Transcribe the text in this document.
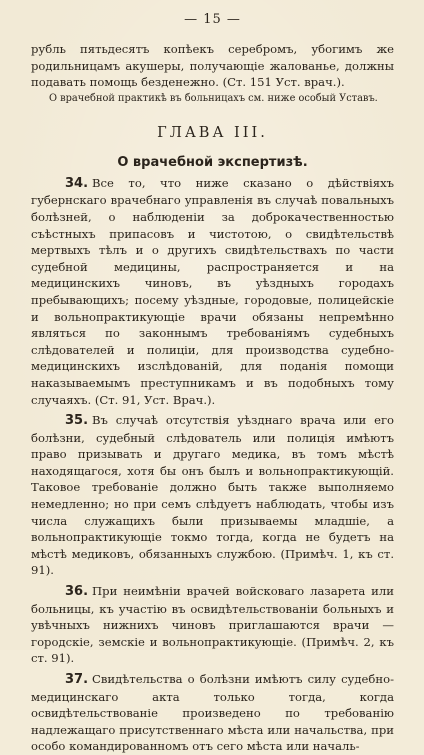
— 15 —

рубль пятьдесятъ копѣекъ серебромъ, убогимъ же родильницамъ акушеры, получающіе жалованье, должны подавать помощь безденежно. (Ст. 151 Уст. врач.).

О врачебной практикѣ въ больницахъ см. ниже особый Уставъ.

ГЛАВА III.
О врачебной экспертизѣ.

34. Все то, что ниже сказано о дѣйствіяхъ губернскаго врачебнаго управленія въ случаѣ повальныхъ болѣзней, о наблюденіи за доброкачественностью съѣстныхъ припасовъ и чистотою, о свидѣтельствѣ мертвыхъ тѣлъ и о другихъ свидѣтельствахъ по части судебной медицины, распространяется и на медицинскихъ чиновъ, въ уѣздныхъ городахъ пребывающихъ; посему уѣздные, городовые, полицейскіе и вольнопрактикующіе врачи обязаны непремѣнно являться по законнымъ требованіямъ судебныхъ слѣдователей и полиціи, для производства судебно-медицинскихъ изслѣдованій, для поданія помощи наказываемымъ преступникамъ и въ подобныхъ тому случаяхъ. (Ст. 91, Уст. Врач.).

35. Въ случаѣ отсутствія уѣзднаго врача или его болѣзни, судебный слѣдователь или полиція имѣютъ право призывать и другаго медика, въ томъ мѣстѣ находящагося, хотя бы онъ былъ и вольнопрактикующій. Таковое требованіе должно быть также выполняемо немедленно; но при семъ слѣдуетъ наблюдать, чтобы изъ числа служащихъ были призываемы младшіе, а вольнопрактикующіе токмо тогда, когда не будетъ на мѣстѣ медиковъ, обязанныхъ службою. (Примѣч. 1, къ ст. 91).

36. При неимѣніи врачей войсковаго лазарета или больницы, къ участію въ освидѣтельствованіи больныхъ и увѣчныхъ нижнихъ чиновъ приглашаются врачи — городскіе, земскіе и вольнопрактикующіе. (Примѣч. 2, къ ст. 91).

37. Свидѣтельства о болѣзни имѣютъ силу судебно-медицинскаго акта только тогда, когда освидѣтельствованіе произведено по требованію надлежащаго присутственнаго мѣста или начальства, при особо командированномъ отъ сего мѣста или началь-
